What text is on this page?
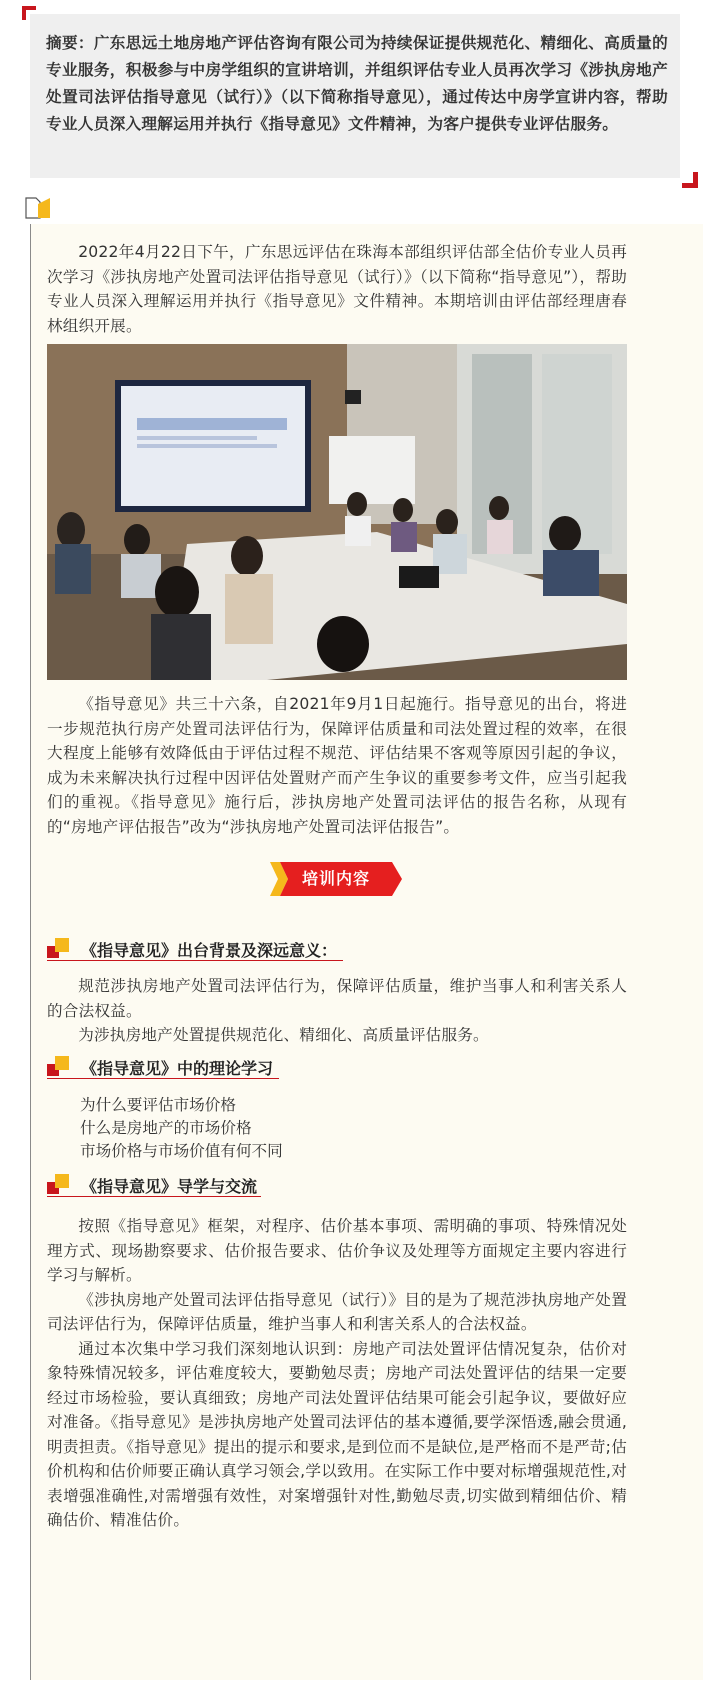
摘要：广东思远土地房地产评估咨询有限公司为持续保证提供规范化、精细化、高质量的专业服务，积极参与中房学组织的宣讲培训，并组织评估专业人员再次学习《涉执房地产处置司法评估指导意见（试行）》（以下简称指导意见），通过传达中房学宣讲内容，帮助专业人员深入理解运用并执行《指导意见》文件精神，为客户提供专业评估服务。

2022年4月22日下午，广东思远评估在珠海本部组织评估部全估价专业人员再次学习《涉执房地产处置司法评估指导意见（试行）》（以下简称“指导意见”），帮助专业人员深入理解运用并执行《指导意见》文件精神。本期培训由评估部经理唐春林组织开展。

《指导意见》共三十六条，自2021年9月1日起施行。指导意见的出台，将进一步规范执行房产处置司法评估行为，保障评估质量和司法处置过程的效率，在很大程度上能够有效降低由于评估过程不规范、评估结果不客观等原因引起的争议，成为未来解决执行过程中因评估处置财产而产生争议的重要参考文件，应当引起我们的重视。《指导意见》施行后，涉执房地产处置司法评估的报告名称，从现有的“房地产评估报告”改为“涉执房地产处置司法评估报告”。

培训内容
《指导意见》出台背景及深远意义：

规范涉执房地产处置司法评估行为，保障评估质量，维护当事人和利害关系人的合法权益。

为涉执房地产处置提供规范化、精细化、高质量评估服务。

《指导意见》中的理论学习
为什么要评估市场价格
什么是房地产的市场价格
市场价格与市场价值有何不同
《指导意见》导学与交流

按照《指导意见》框架，对程序、估价基本事项、需明确的事项、特殊情况处理方式、现场勘察要求、估价报告要求、估价争议及处理等方面规定主要内容进行学习与解析。

《涉执房地产处置司法评估指导意见（试行）》目的是为了规范涉执房地产处置司法评估行为，保障评估质量，维护当事人和利害关系人的合法权益。

通过本次集中学习我们深刻地认识到：房地产司法处置评估情况复杂，估价对象特殊情况较多，评估难度较大，要勤勉尽责；房地产司法处置评估的结果一定要经过市场检验，要认真细致；房地产司法处置评估结果可能会引起争议，要做好应对准备。《指导意见》是涉执房地产处置司法评估的基本遵循,要学深悟透,融会贯通,明责担责。《指导意见》提出的提示和要求,是到位而不是缺位,是严格而不是严苛;估价机构和估价师要正确认真学习领会,学以致用。在实际工作中要对标增强规范性,对表增强准确性,对需增强有效性，对案增强针对性,勤勉尽责,切实做到精细估价、精确估价、精准估价。
